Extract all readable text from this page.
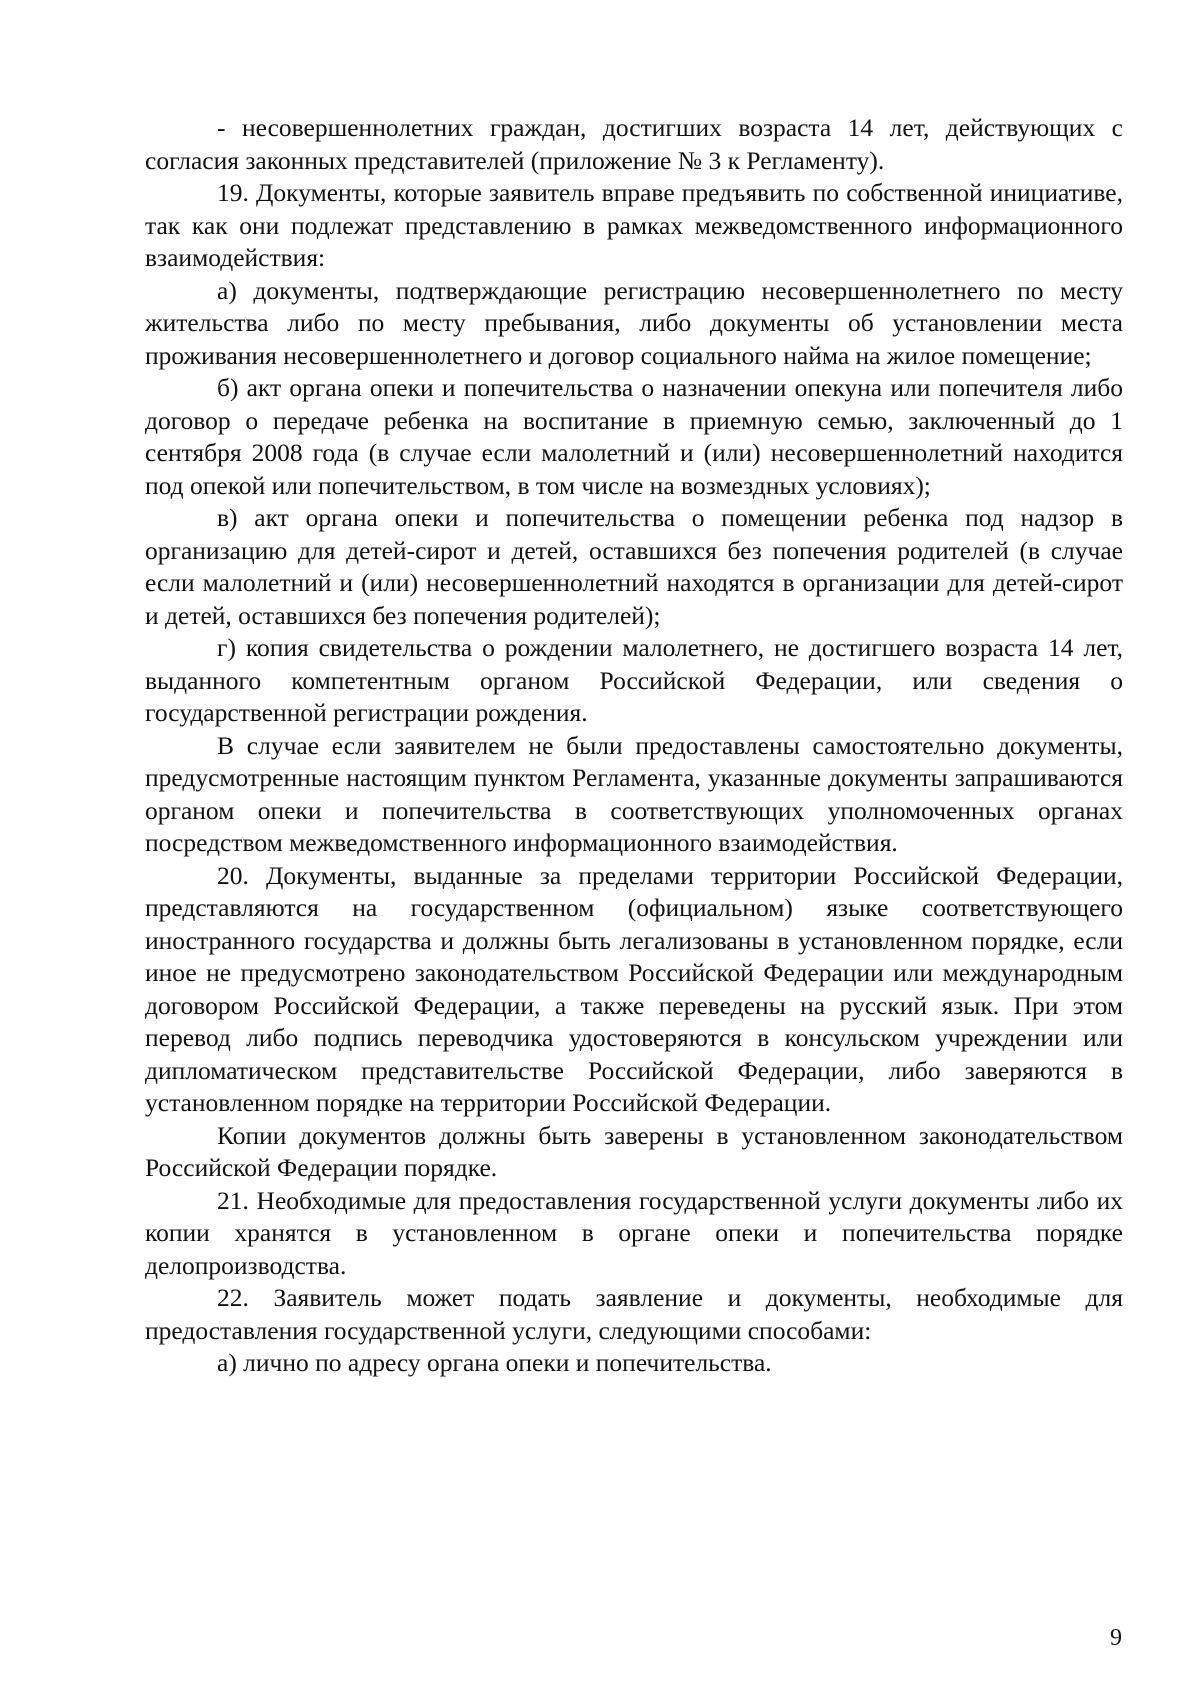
- несовершеннолетних граждан, достигших возраста 14 лет, действующих с согласия законных представителей (приложение № 3 к Регламенту).

19. Документы, которые заявитель вправе предъявить по собственной инициативе, так как они подлежат представлению в рамках межведомственного информационного взаимодействия:

а) документы, подтверждающие регистрацию несовершеннолетнего по месту жительства либо по месту пребывания, либо документы об установлении места проживания несовершеннолетнего и договор социального найма на жилое помещение;

б) акт органа опеки и попечительства о назначении опекуна или попечителя либо договор о передаче ребенка на воспитание в приемную семью, заключенный до 1 сентября 2008 года (в случае если малолетний и (или) несовершеннолетний находится под опекой или попечительством, в том числе на возмездных условиях);

в) акт органа опеки и попечительства о помещении ребенка под надзор в организацию для детей-сирот и детей, оставшихся без попечения родителей (в случае если малолетний и (или) несовершеннолетний находятся в организации для детей-сирот и детей, оставшихся без попечения родителей);

г) копия свидетельства о рождении малолетнего, не достигшего возраста 14 лет, выданного компетентным органом Российской Федерации, или сведения о государственной регистрации рождения.

В случае если заявителем не были предоставлены самостоятельно документы, предусмотренные настоящим пунктом Регламента, указанные документы запрашиваются органом опеки и попечительства в соответствующих уполномоченных органах посредством межведомственного информационного взаимодействия.

20. Документы, выданные за пределами территории Российской Федерации, представляются на государственном (официальном) языке соответствующего иностранного государства и должны быть легализованы в установленном порядке, если иное не предусмотрено законодательством Российской Федерации или международным договором Российской Федерации, а также переведены на русский язык. При этом перевод либо подпись переводчика удостоверяются в консульском учреждении или дипломатическом представительстве Российской Федерации, либо заверяются в установленном порядке на территории Российской Федерации.

Копии документов должны быть заверены в установленном законодательством Российской Федерации порядке.

21. Необходимые для предоставления государственной услуги документы либо их копии хранятся в установленном в органе опеки и попечительства порядке делопроизводства.

22. Заявитель может подать заявление и документы, необходимые для предоставления государственной услуги, следующими способами:

а) лично по адресу органа опеки и попечительства.

9
